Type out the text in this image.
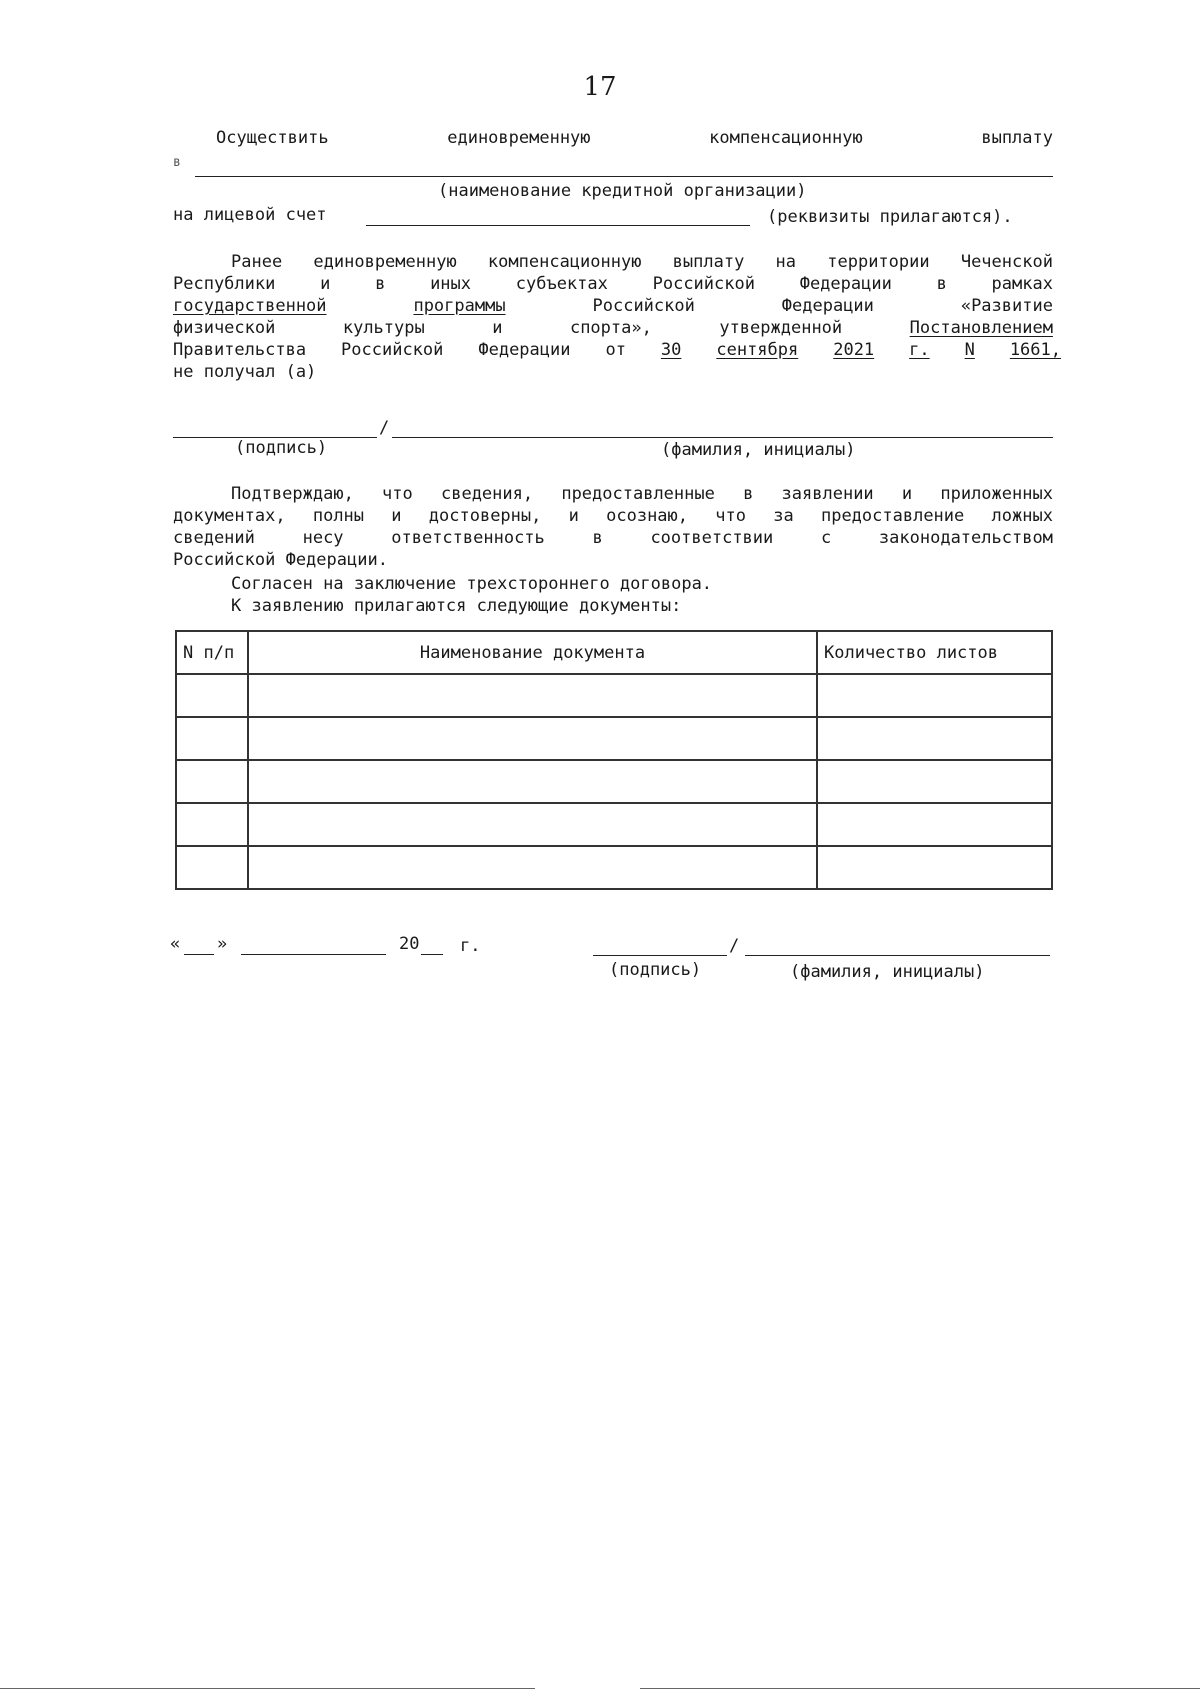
17
Осуществить	единовременную	компенсационную	выплату
в
(наименование кредитной организации)
на лицевой счет	(реквизиты прилагаются).
Ранее единовременную компенсационную выплату на территории Чеченской
Республики	и	в	иных	субъектах	Российской	Федерации	в	рамках
государственной	программы	Российской	Федерации	«Развитие
физической	культуры	и	спорта»,	утвержденной	Постановлением
Правительства Российской Федерации от 30 сентября 2021 г. N 1661,
не получал (а)
/
(подпись)	(фамилия, инициалы)
Подтверждаю, что сведения, предоставленные в заявлении и приложенных
документах, полны и достоверны, и осознаю, что за предоставление ложных
сведений	несу	ответственность	в	соответствии	с	законодательством
Российской Федерации.
Согласен на заключение трехстороннего договора.
К заявлению прилагаются следующие документы:
N п/п	Наименование документа	Количество листов

« »	20 г.	/
(подпись)	(фамилия, инициалы)
